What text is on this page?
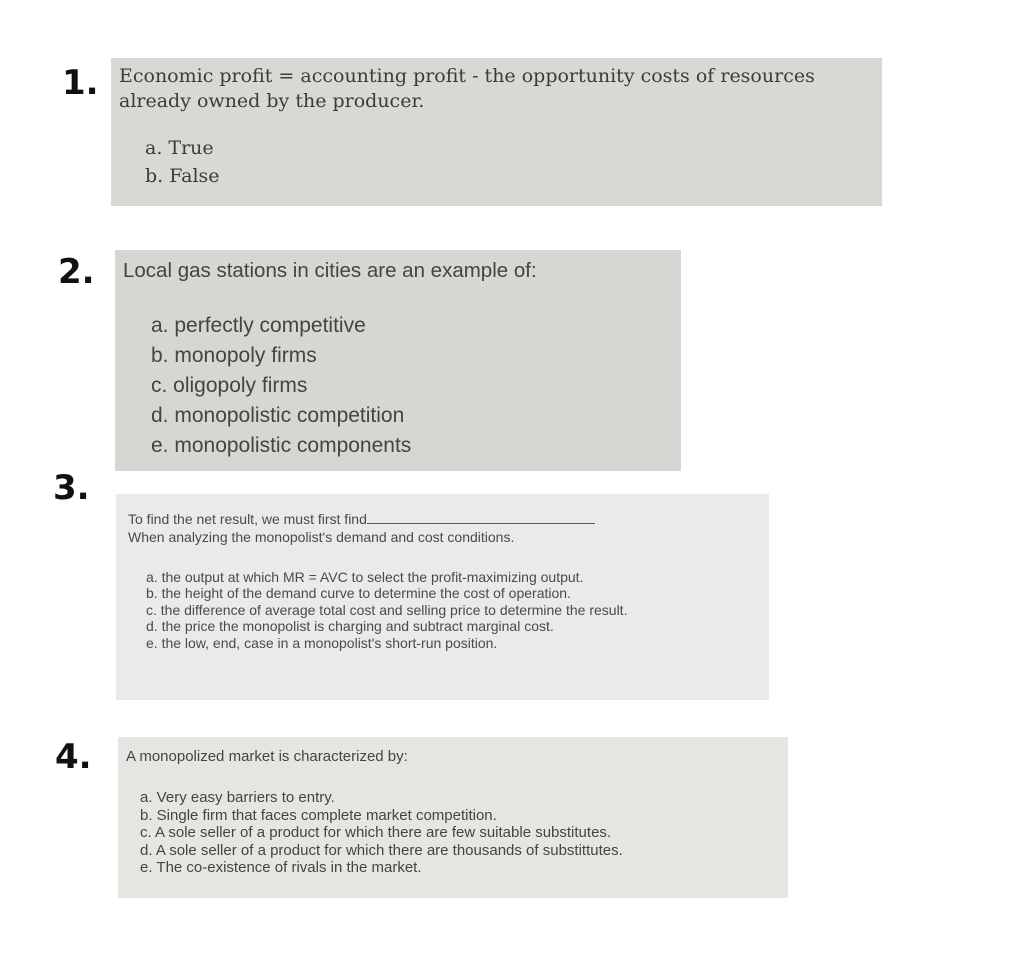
1. Economic profit = accounting profit - the opportunity costs of resources already owned by the producer.

a. True
b. False
2. Local gas stations in cities are an example of:

a. perfectly competitive
b. monopoly firms
c. oligopoly firms
d. monopolistic competition
e. monopolistic components
3.

To find the net result, we must first find
When analyzing the monopolist's demand and cost conditions.

a. the output at which MR = AVC to select the profit-maximizing output.
b. the height of the demand curve to determine the cost of operation.
c. the difference of average total cost and selling price to determine the result.
d. the price the monopolist is charging and subtract marginal cost.
e. the low, end, case in a monopolist's short-run position.
4. A monopolized market is characterized by:

a. Very easy barriers to entry.
b. Single firm that faces complete market competition.
c. A sole seller of a product for which there are few suitable substitutes.
d. A sole seller of a product for which there are thousands of substittutes.
e. The co-existence of rivals in the market.
